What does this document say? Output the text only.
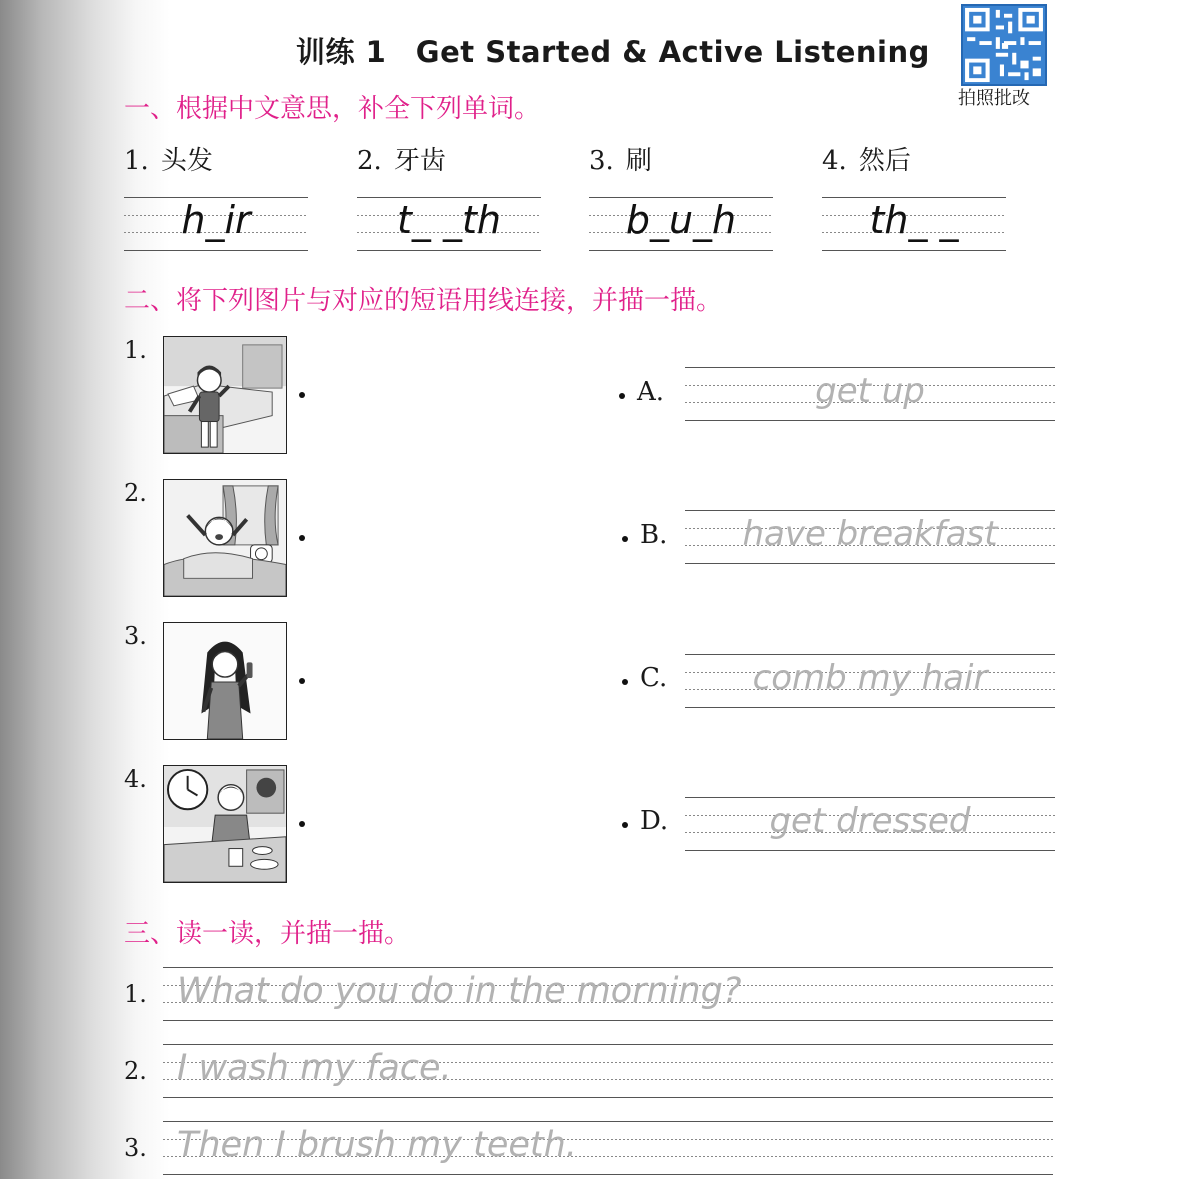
训练 1　Get Started & Active Listening
拍照批改
一、根据中文意思，补全下列单词。
1. 头发	2. 牙齿	3. 刷	4. 然后
h_ir	t_ _th	b_u_h	th_ _
二、将下列图片与对应的短语用线连接，并描一描。
1.
2.
3.
4.
A.	get up
B.	have breakfast
C.	comb my hair
D.	get dressed
三、读一读，并描一描。
1. What do you do in the morning?
2. I wash my face.
3. Then I brush my teeth.
